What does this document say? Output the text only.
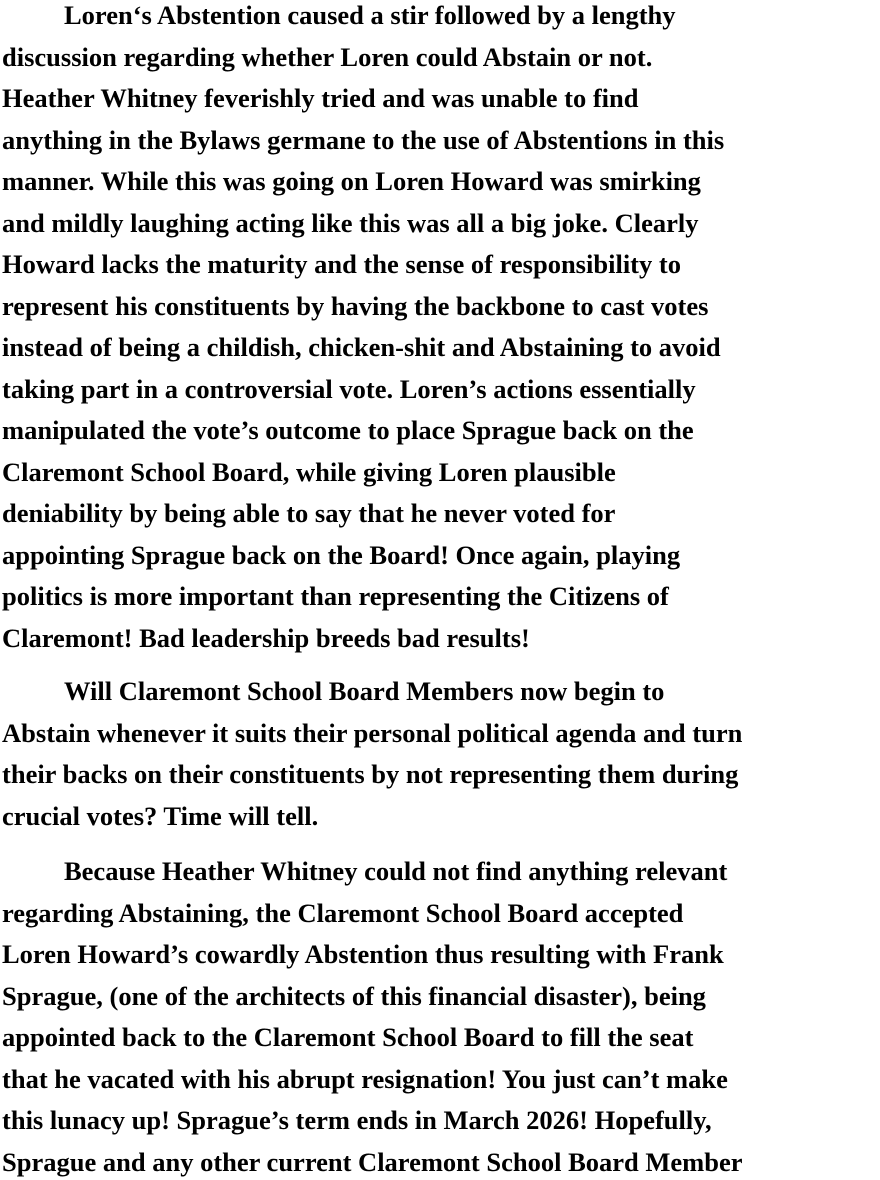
Loren‘s Abstention caused a stir followed by a lengthy
discussion regarding whether Loren could Abstain or not.
Heather Whitney feverishly tried and was unable to find
anything in the Bylaws germane to the use of Abstentions in this
manner. While this was going on Loren Howard was smirking
and mildly laughing acting like this was all a big joke. Clearly
Howard lacks the maturity and the sense of responsibility to
represent his constituents by having the backbone to cast votes
instead of being a childish, chicken-shit and Abstaining to avoid
taking part in a controversial vote. Loren’s actions essentially
manipulated the vote’s outcome to place Sprague back on the
Claremont School Board, while giving Loren plausible
deniability by being able to say that he never voted for
appointing Sprague back on the Board! Once again, playing
politics is more important than representing the Citizens of
Claremont! Bad leadership breeds bad results!
Will Claremont School Board Members now begin to
Abstain whenever it suits their personal political agenda and turn
their backs on their constituents by not representing them during
crucial votes? Time will tell.
Because Heather Whitney could not find anything relevant
regarding Abstaining, the Claremont School Board accepted
Loren Howard’s cowardly Abstention thus resulting with Frank
Sprague, (one of the architects of this financial disaster), being
appointed back to the Claremont School Board to fill the seat
that he vacated with his abrupt resignation! You just can’t make
this lunacy up! Sprague’s term ends in March 2026! Hopefully,
Sprague and any other current Claremont School Board Member
